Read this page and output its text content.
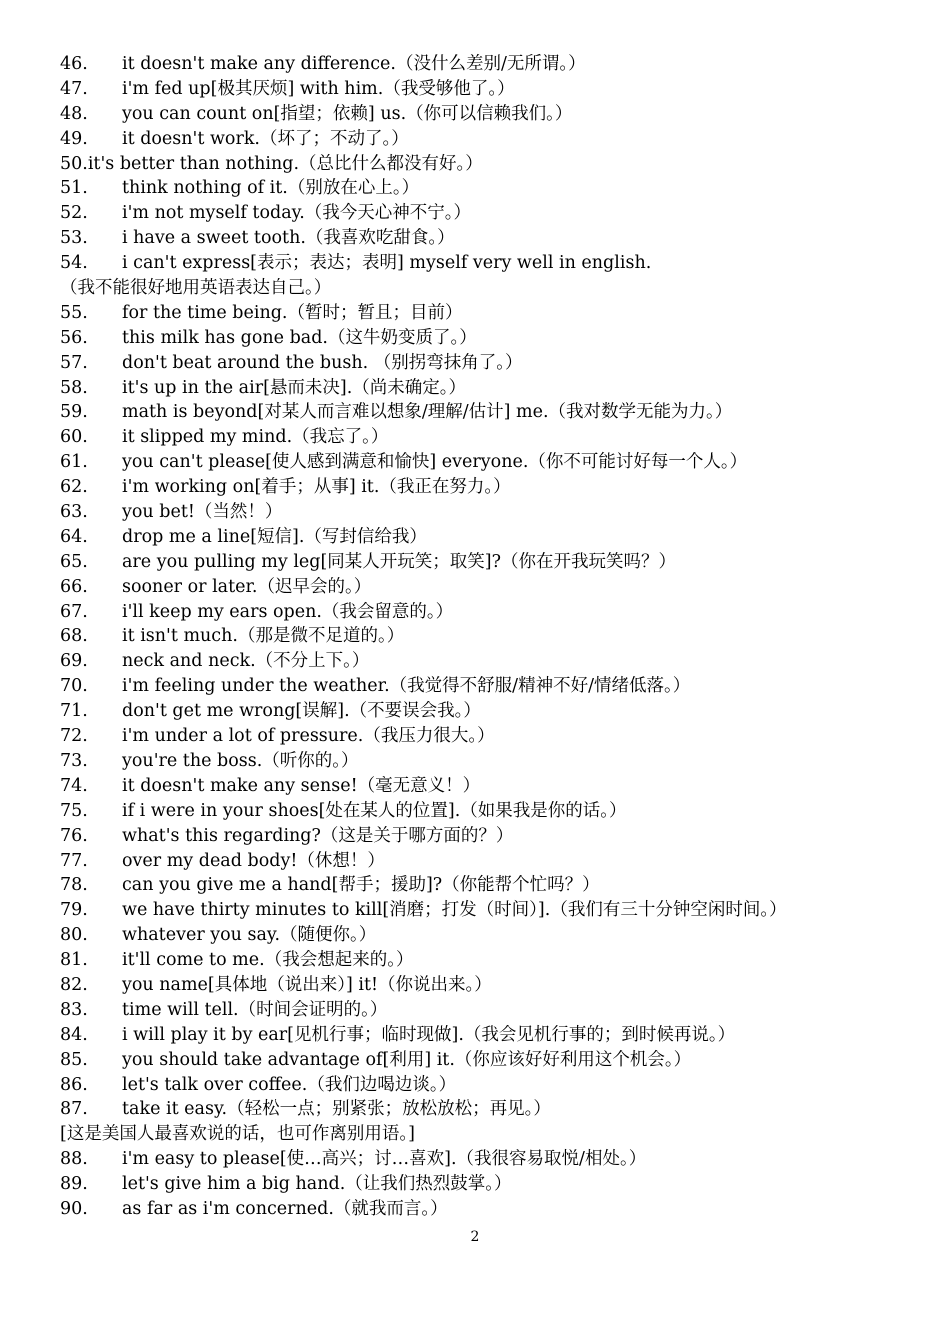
46. it doesn't make any difference.（没什么差别/无所谓。）
47. i'm fed up[极其厌烦] with him.（我受够他了。）
48. you can count on[指望；依赖] us.（你可以信赖我们。）
49. it doesn't work.（坏了；不动了。）
50.it's better than nothing.（总比什么都没有好。）
51. think nothing of it.（别放在心上。）
52. i'm not myself today.（我今天心神不宁。）
53. i have a sweet tooth.（我喜欢吃甜食。）
54. i can't express[表示；表达；表明] myself very well in english.
（我不能很好地用英语表达自己。）
55. for the time being.（暂时；暂且；目前）
56. this milk has gone bad.（这牛奶变质了。）
57. don't beat around the bush. （别拐弯抹角了。）
58. it's up in the air[悬而未决].（尚未确定。）
59. math is beyond[对某人而言难以想象/理解/估计] me.（我对数学无能为力。）
60. it slipped my mind.（我忘了。）
61. you can't please[使人感到满意和愉快] everyone.（你不可能讨好每一个人。）
62. i'm working on[着手；从事] it.（我正在努力。）
63. you bet!（当然！）
64. drop me a line[短信].（写封信给我）
65. are you pulling my leg[同某人开玩笑；取笑]?（你在开我玩笑吗？）
66. sooner or later.（迟早会的。）
67. i'll keep my ears open.（我会留意的。）
68. it isn't much.（那是微不足道的。）
69. neck and neck.（不分上下。）
70. i'm feeling under the weather.（我觉得不舒服/精神不好/情绪低落。）
71. don't get me wrong[误解].（不要误会我。）
72. i'm under a lot of pressure.（我压力很大。）
73. you're the boss.（听你的。）
74. it doesn't make any sense!（毫无意义！）
75. if i were in your shoes[处在某人的位置].（如果我是你的话。）
76. what's this regarding?（这是关于哪方面的？）
77. over my dead body!（休想！）
78. can you give me a hand[帮手；援助]?（你能帮个忙吗？）
79. we have thirty minutes to kill[消磨；打发（时间）].（我们有三十分钟空闲时间。）
80. whatever you say.（随便你。）
81. it'll come to me.（我会想起来的。）
82. you name[具体地（说出来）] it!（你说出来。）
83. time will tell.（时间会证明的。）
84. i will play it by ear[见机行事；临时现做].（我会见机行事的；到时候再说。）
85. you should take advantage of[利用] it.（你应该好好利用这个机会。）
86. let's talk over coffee.（我们边喝边谈。）
87. take it easy.（轻松一点；别紧张；放松放松；再见。）
[这是美国人最喜欢说的话，也可作离别用语。]
88. i'm easy to please[使…高兴；讨…喜欢].（我很容易取悦/相处。）
89. let's give him a big hand.（让我们热烈鼓掌。）
90. as far as i'm concerned.（就我而言。）
2
